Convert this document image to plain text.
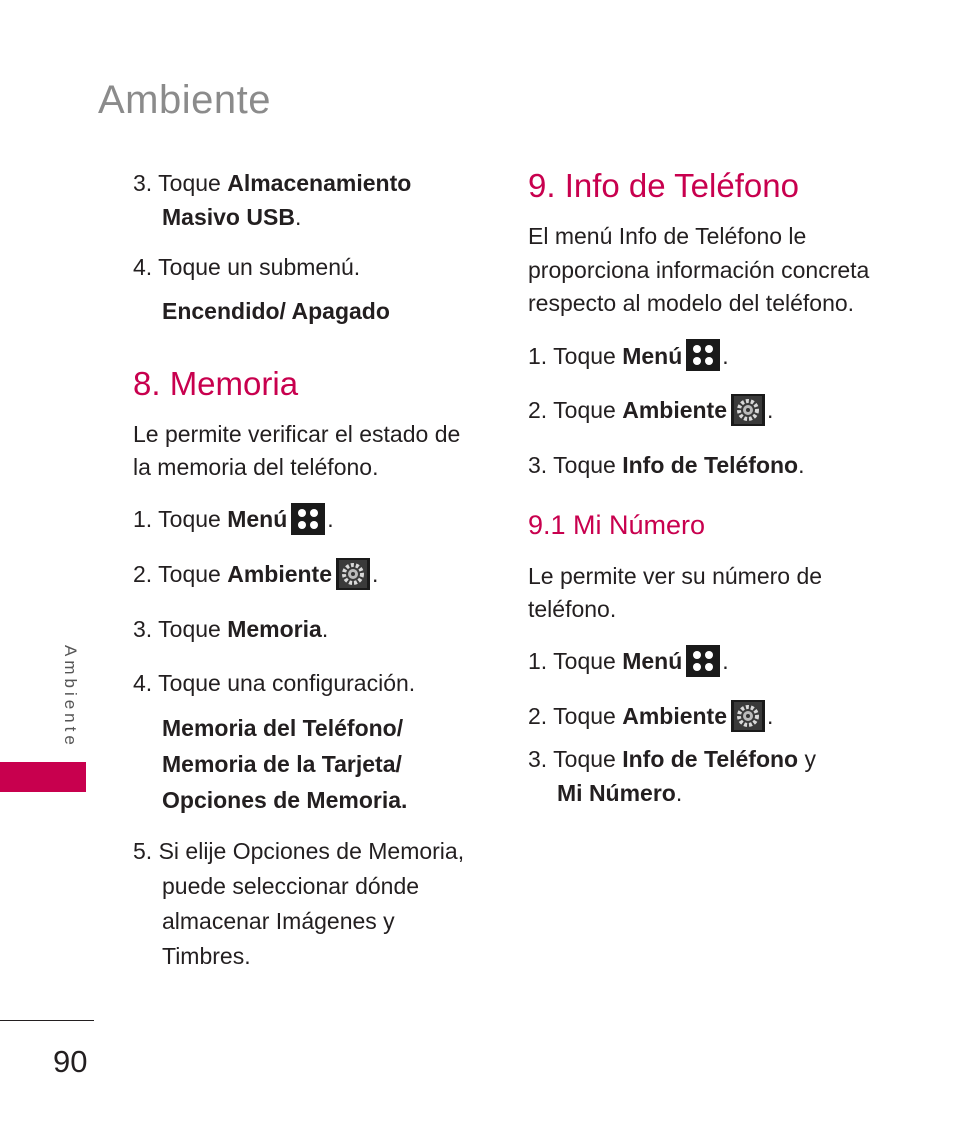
Ambiente

3. Toque Almacenamiento
Masivo USB.

4. Toque un submenú.

Encendido/ Apagado

8. Memoria

Le permite verificar el estado de la memoria del teléfono.

1. Toque Menú .

2. Toque Ambiente .

3. Toque Memoria.

4. Toque una configuración.

Memoria del Teléfono/
Memoria de la Tarjeta/
Opciones de Memoria.

5. Si elije Opciones de Memoria, puede seleccionar dónde almacenar Imágenes y Timbres.

9. Info de Teléfono

El menú Info de Teléfono le proporciona información concreta respecto al modelo del teléfono.

1. Toque Menú .

2. Toque Ambiente .

3. Toque Info de Teléfono.

9.1 Mi Número

Le permite ver su número de teléfono.

1. Toque Menú .

2. Toque Ambiente .

3. Toque Info de Teléfono y
Mi Número.

Ambiente
90
